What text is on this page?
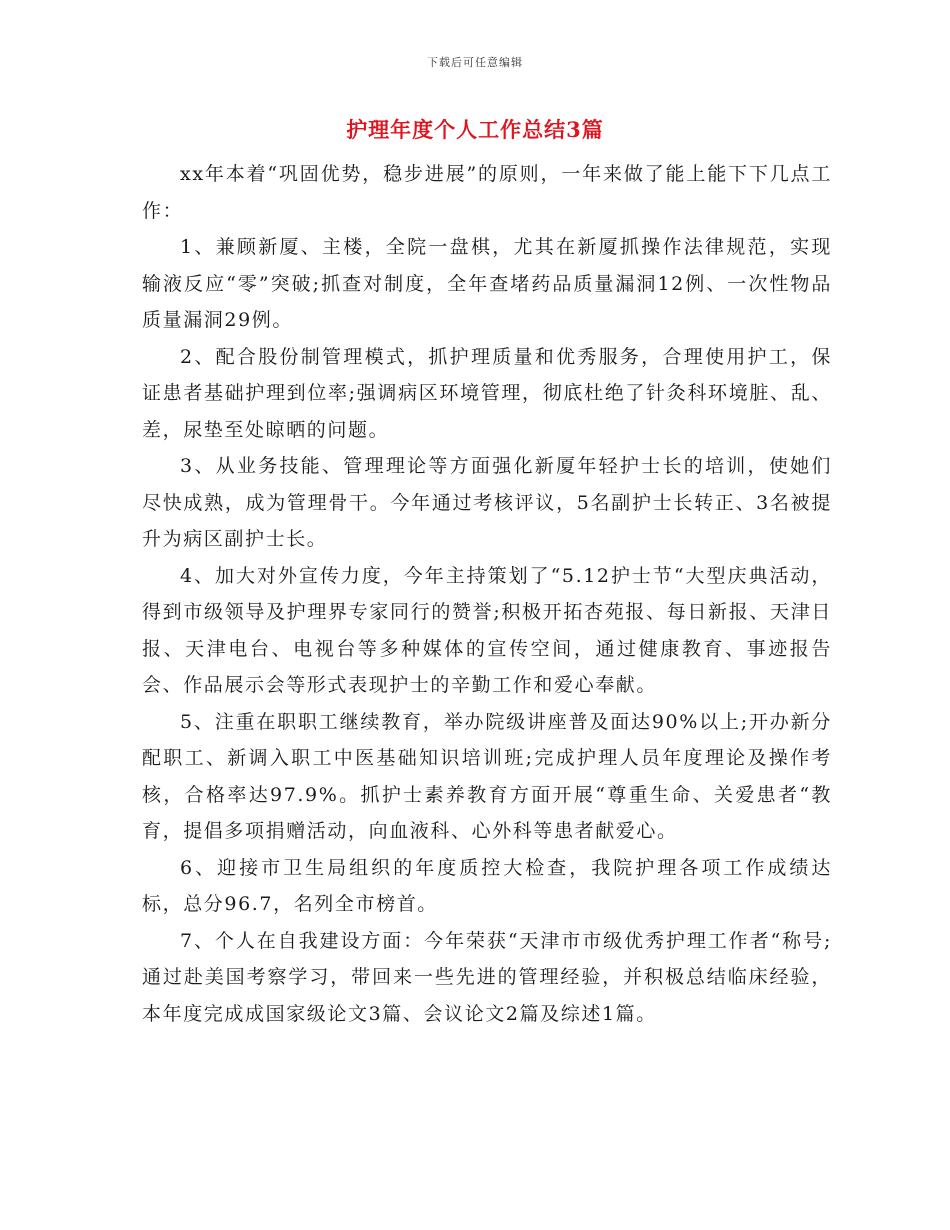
下载后可任意编辑
护理年度个人工作总结3篇

xx年本着“巩固优势，稳步进展”的原则，一年来做了能上能下下几点工作：

1、兼顾新厦、主楼，全院一盘棋，尤其在新厦抓操作法律规范，实现输液反应“零”突破;抓查对制度，全年查堵药品质量漏洞12例、一次性物品质量漏洞29例。

2、配合股份制管理模式，抓护理质量和优秀服务，合理使用护工，保证患者基础护理到位率;强调病区环境管理，彻底杜绝了针灸科环境脏、乱、差，尿垫至处晾晒的问题。

3、从业务技能、管理理论等方面强化新厦年轻护士长的培训，使她们尽快成熟，成为管理骨干。今年通过考核评议，5名副护士长转正、3名被提升为病区副护士长。

4、加大对外宣传力度，今年主持策划了“5.12护士节“大型庆典活动，得到市级领导及护理界专家同行的赞誉;积极开拓杏苑报、每日新报、天津日报、天津电台、电视台等多种媒体的宣传空间，通过健康教育、事迹报告会、作品展示会等形式表现护士的辛勤工作和爱心奉献。

5、注重在职职工继续教育，举办院级讲座普及面达90%以上;开办新分配职工、新调入职工中医基础知识培训班;完成护理人员年度理论及操作考核，合格率达97.9%。抓护士素养教育方面开展“尊重生命、关爱患者“教育，提倡多项捐赠活动，向血液科、心外科等患者献爱心。

6、迎接市卫生局组织的年度质控大检查，我院护理各项工作成绩达标，总分96.7，名列全市榜首。

7、个人在自我建设方面：今年荣获“天津市市级优秀护理工作者“称号;通过赴美国考察学习，带回来一些先进的管理经验，并积极总结临床经验，本年度完成成国家级论文3篇、会议论文2篇及综述1篇。
